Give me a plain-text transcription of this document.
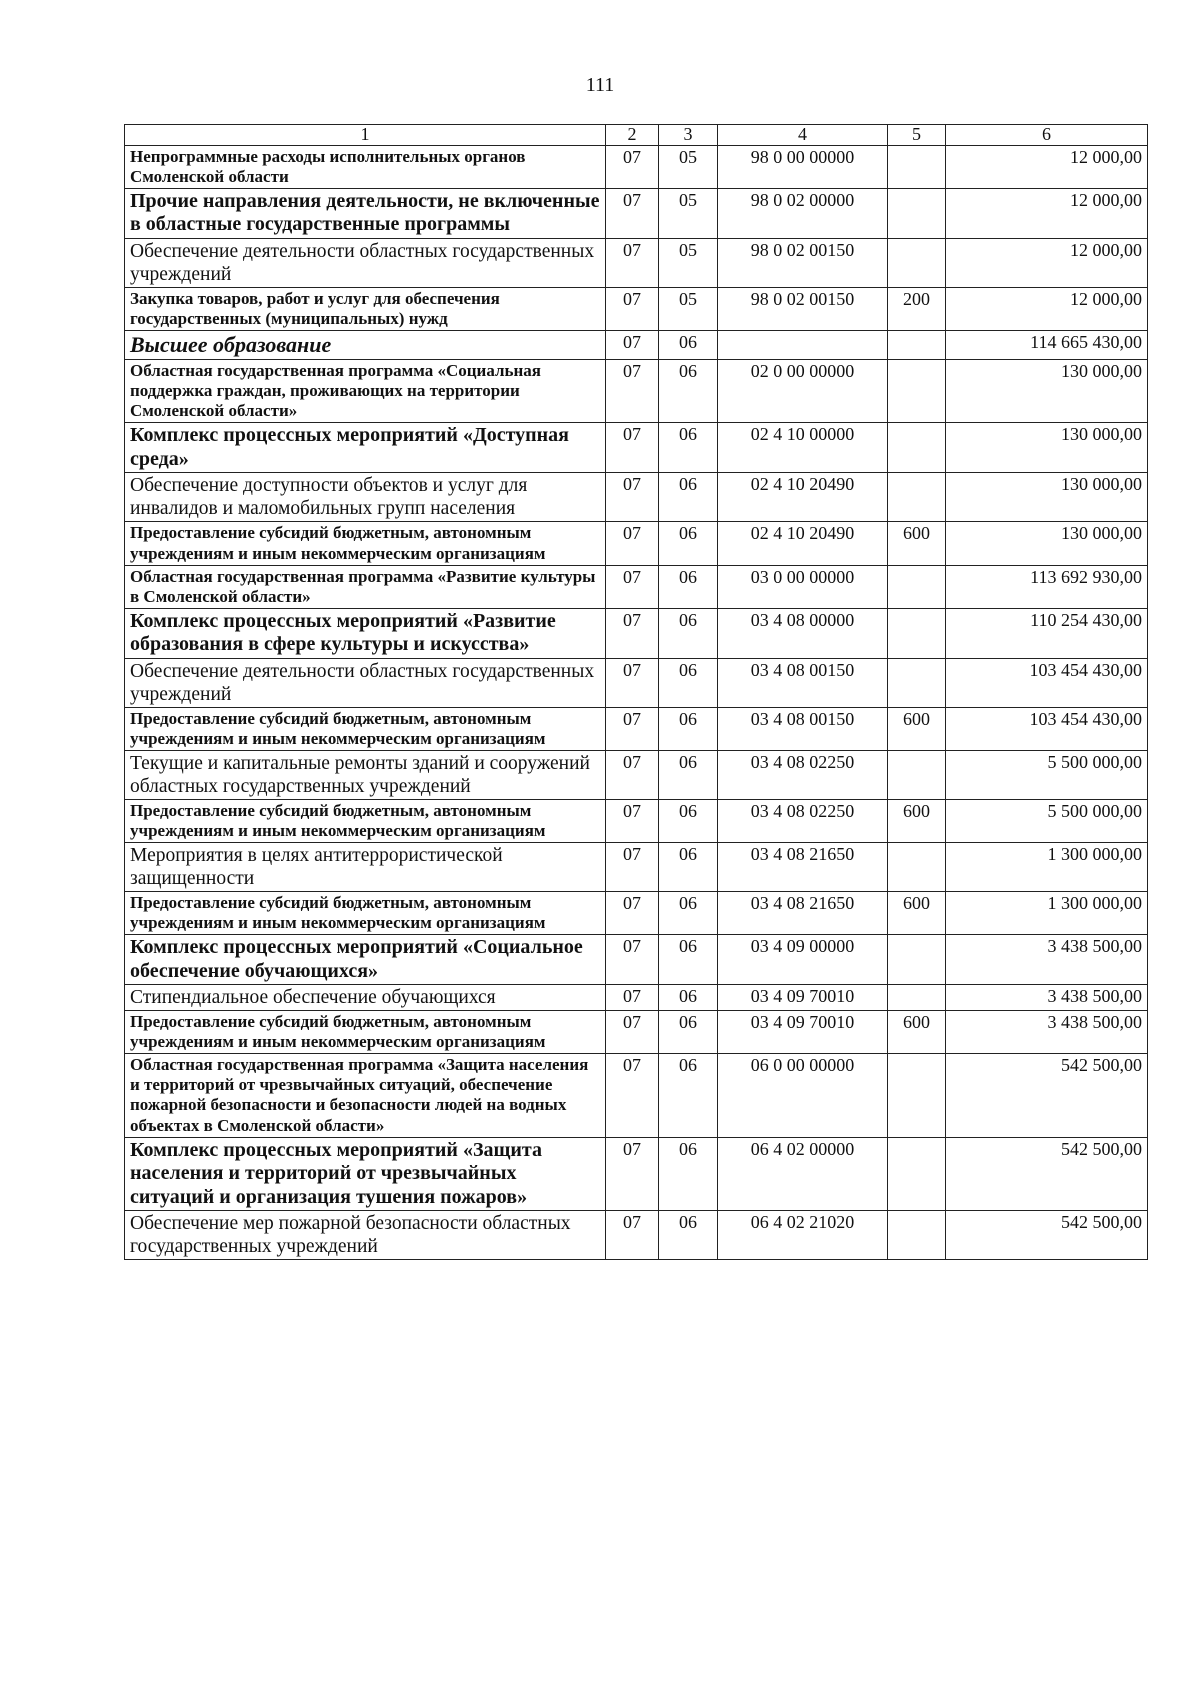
111
1	2	3	4	5	6
Непрограммные расходы исполнительных органов Смоленской области	07	05	98 0 00 00000		12 000,00
Прочие направления деятельности, не включенные в областные государственные программы	07	05	98 0 02 00000		12 000,00
Обеспечение деятельности областных государственных учреждений	07	05	98 0 02 00150		12 000,00
Закупка товаров, работ и услуг для обеспечения государственных (муниципальных) нужд	07	05	98 0 02 00150	200	12 000,00
Высшее образование	07	06			114 665 430,00
Областная государственная программа «Социальная поддержка граждан, проживающих на территории Смоленской области»	07	06	02 0 00 00000		130 000,00
Комплекс процессных мероприятий «Доступная среда»	07	06	02 4 10 00000		130 000,00
Обеспечение доступности объектов и услуг для инвалидов и маломобильных групп населения	07	06	02 4 10 20490		130 000,00
Предоставление субсидий бюджетным, автономным учреждениям и иным некоммерческим организациям	07	06	02 4 10 20490	600	130 000,00
Областная государственная программа «Развитие культуры в Смоленской области»	07	06	03 0 00 00000		113 692 930,00
Комплекс процессных мероприятий «Развитие образования в сфере культуры и искусства»	07	06	03 4 08 00000		110 254 430,00
Обеспечение деятельности областных государственных учреждений	07	06	03 4 08 00150		103 454 430,00
Предоставление субсидий бюджетным, автономным учреждениям и иным некоммерческим организациям	07	06	03 4 08 00150	600	103 454 430,00
Текущие и капитальные ремонты зданий и сооружений областных государственных учреждений	07	06	03 4 08 02250		5 500 000,00
Предоставление субсидий бюджетным, автономным учреждениям и иным некоммерческим организациям	07	06	03 4 08 02250	600	5 500 000,00
Мероприятия в целях антитеррористической защищенности	07	06	03 4 08 21650		1 300 000,00
Предоставление субсидий бюджетным, автономным учреждениям и иным некоммерческим организациям	07	06	03 4 08 21650	600	1 300 000,00
Комплекс процессных мероприятий «Социальное обеспечение обучающихся»	07	06	03 4 09 00000		3 438 500,00
Стипендиальное обеспечение обучающихся	07	06	03 4 09 70010		3 438 500,00
Предоставление субсидий бюджетным, автономным учреждениям и иным некоммерческим организациям	07	06	03 4 09 70010	600	3 438 500,00
Областная государственная программа «Защита населения и территорий от чрезвычайных ситуаций, обеспечение пожарной безопасности и безопасности людей на водных объектах в Смоленской области»	07	06	06 0 00 00000		542 500,00
Комплекс процессных мероприятий «Защита населения и территорий от чрезвычайных ситуаций и организация тушения пожаров»	07	06	06 4 02 00000		542 500,00
Обеспечение мер пожарной безопасности областных государственных учреждений	07	06	06 4 02 21020		542 500,00
